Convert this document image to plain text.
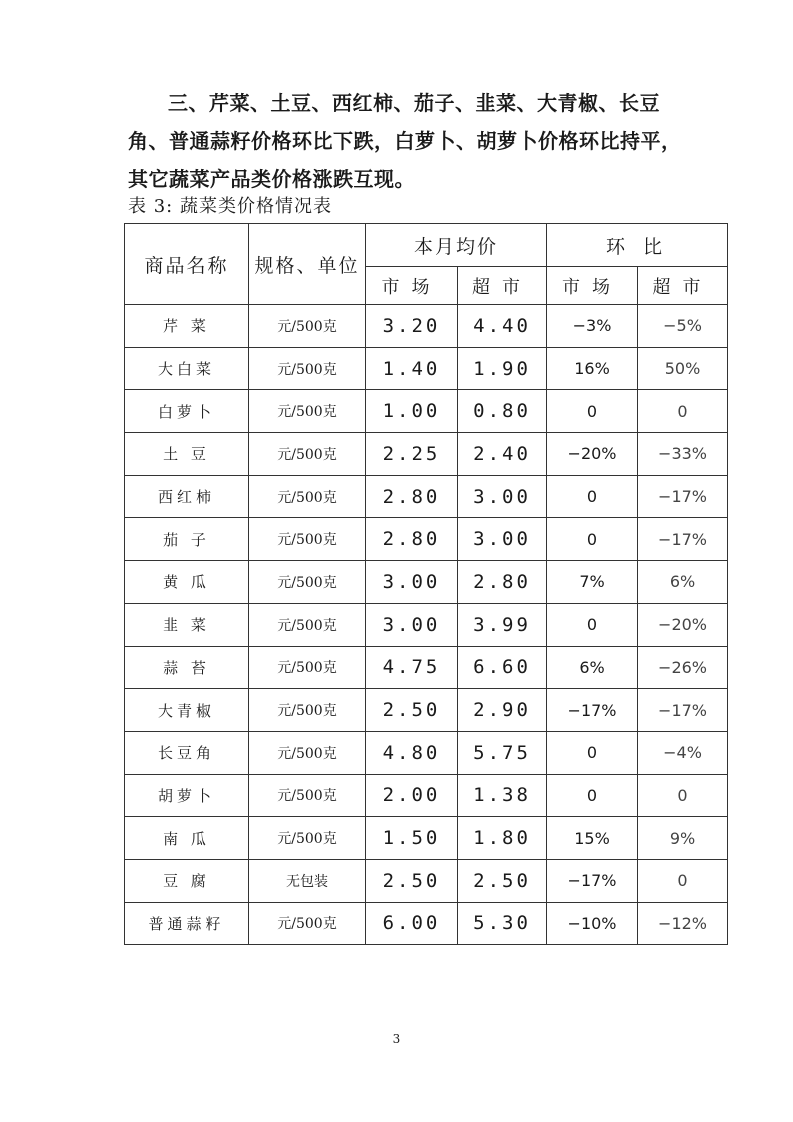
三、芹菜、土豆、西红柿、茄子、韭菜、大青椒、长豆角、普通蒜籽价格环比下跌，白萝卜、胡萝卜价格环比持平，其它蔬菜产品类价格涨跌互现。

表 3: 蔬菜类价格情况表

商品名称	规格、单位	本月均价		环 比	
		市场	超市	市场	超市
芹 菜	元/500克	3.20	4.40	−3%	−5%
大白菜	元/500克	1.40	1.90	16%	50%
白萝卜	元/500克	1.00	0.80	0	0
土 豆	元/500克	2.25	2.40	−20%	−33%
西红柿	元/500克	2.80	3.00	0	−17%
茄 子	元/500克	2.80	3.00	0	−17%
黄 瓜	元/500克	3.00	2.80	7%	6%
韭 菜	元/500克	3.00	3.99	0	−20%
蒜 苔	元/500克	4.75	6.60	6%	−26%
大青椒	元/500克	2.50	2.90	−17%	−17%
长豆角	元/500克	4.80	5.75	0	−4%
胡萝卜	元/500克	2.00	1.38	0	0
南 瓜	元/500克	1.50	1.80	15%	9%
豆 腐	无包装	2.50	2.50	−17%	0
普通蒜籽	元/500克	6.00	5.30	−10%	−12%

3
